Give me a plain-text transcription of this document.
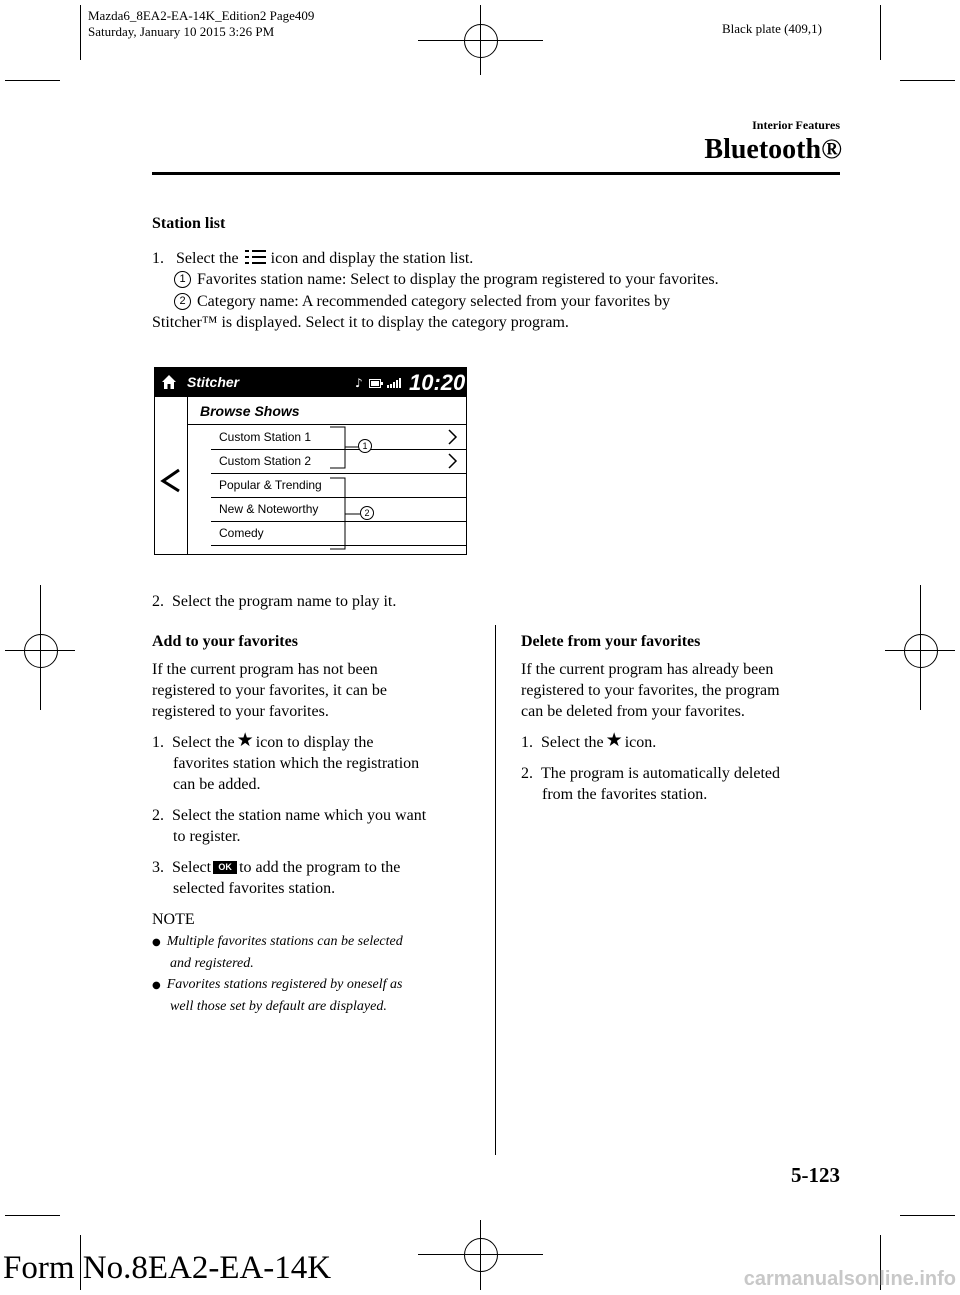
Mazda6_8EA2-EA-14K_Edition2 Page409
Saturday, January 10 2015 3:26 PM	Black plate (409,1)
Interior Features
Bluetooth®
Station list
1. Select the icon and display the station list.
1 Favorites station name: Select to display the program registered to your favorites.
2 Category name: A recommended category selected from your favorites by
Stitcher™ is displayed. Select it to display the category program.
Stitcher	♪ 10:20
Browse Shows
Custom Station 1
Custom Station 2
Popular & Trending
New & Noteworthy
Comedy
1
2
2. Select the program name to play it.
Add to your favorites
If the current program has not been
registered to your favorites, it can be
registered to your favorites.
1. Select the ★ icon to display the
favorites station which the registration
can be added.
2. Select the station name which you want
to register.
3. Select OK to add the program to the
selected favorites station.
NOTE
● Multiple favorites stations can be selected
and registered.
● Favorites stations registered by oneself as
well those set by default are displayed.
Delete from your favorites
If the current program has already been
registered to your favorites, the program
can be deleted from your favorites.
1. Select the ★ icon.
2. The program is automatically deleted
from the favorites station.
5-123
Form No.8EA2-EA-14K	carmanualsonline.info
